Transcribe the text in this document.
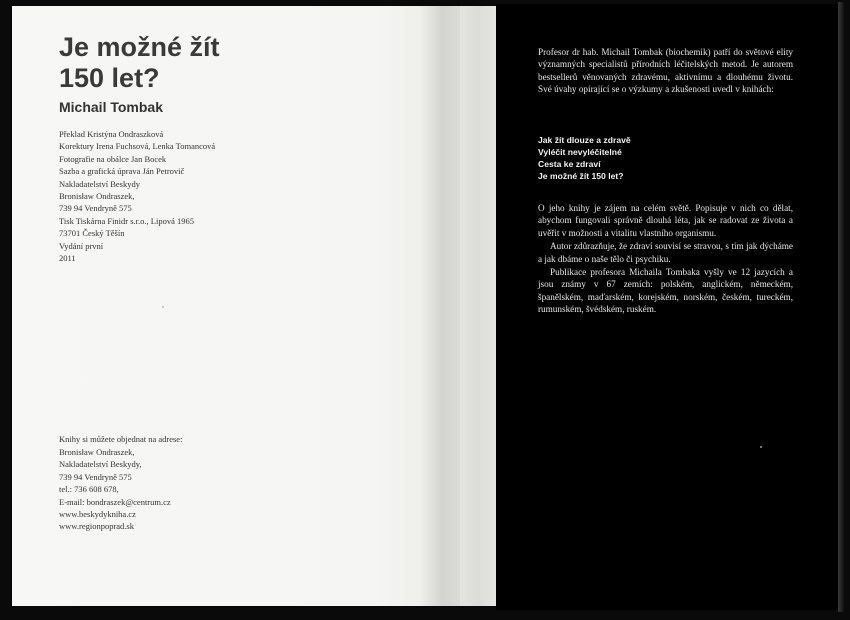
Je možné žít
150 let?
Michail Tombak
Překlad Kristýna Ondraszková
Korektury Irena Fuchsová, Lenka Tomancová
Fotografie na obálce Jan Bocek
Sazba a grafická úprava Ján Petrovič
Nakladatelství Beskydy
Bronisław Ondraszek,
739 94 Vendryně 575
Tisk Tiskárna Finidr s.r.o., Lipová 1965
73701 Český Těšín
Vydání první
2011
Knihy si můžete objednat na adrese:
Bronisław Ondraszek,
Nakladatelství Beskydy,
739 94 Vendryně 575
tel.: 736 608 678,
E-mail: bondraszek@centrum.cz
www.beskydykniha.cz
www.regionpoprad.sk

Profesor dr hab. Michail Tombak (biochemik) patří do světové elity významných specialistů přírodních léčitelských metod. Je autorem bestsellerů věnovaných zdravému, aktivnímu a dlouhému životu. Své úvahy opírající se o výzkumy a zkušenosti uvedl v knihách:

Jak žít dlouze a zdravě
Vyléčit nevyléčitelné
Cesta ke zdraví
Je možné žít 150 let?

O jeho knihy je zájem na celém světě. Popisuje v nich co dělat, abychom fungovali správně dlouhá léta, jak se radovat ze života a uvěřit v možnosti a vitalitu vlastního organismu.

Autor zdůrazňuje, že zdraví souvisí se stravou, s tím jak dýcháme a jak dbáme o naše tělo či psychiku.

Publikace profesora Michaila Tombaka vyšly ve 12 jazycích a jsou známy v 67 zemích: polském, anglickém, německém, španělském, maďarském, korejském, norském, českém, tureckém, rumunském, švédském, ruském.
